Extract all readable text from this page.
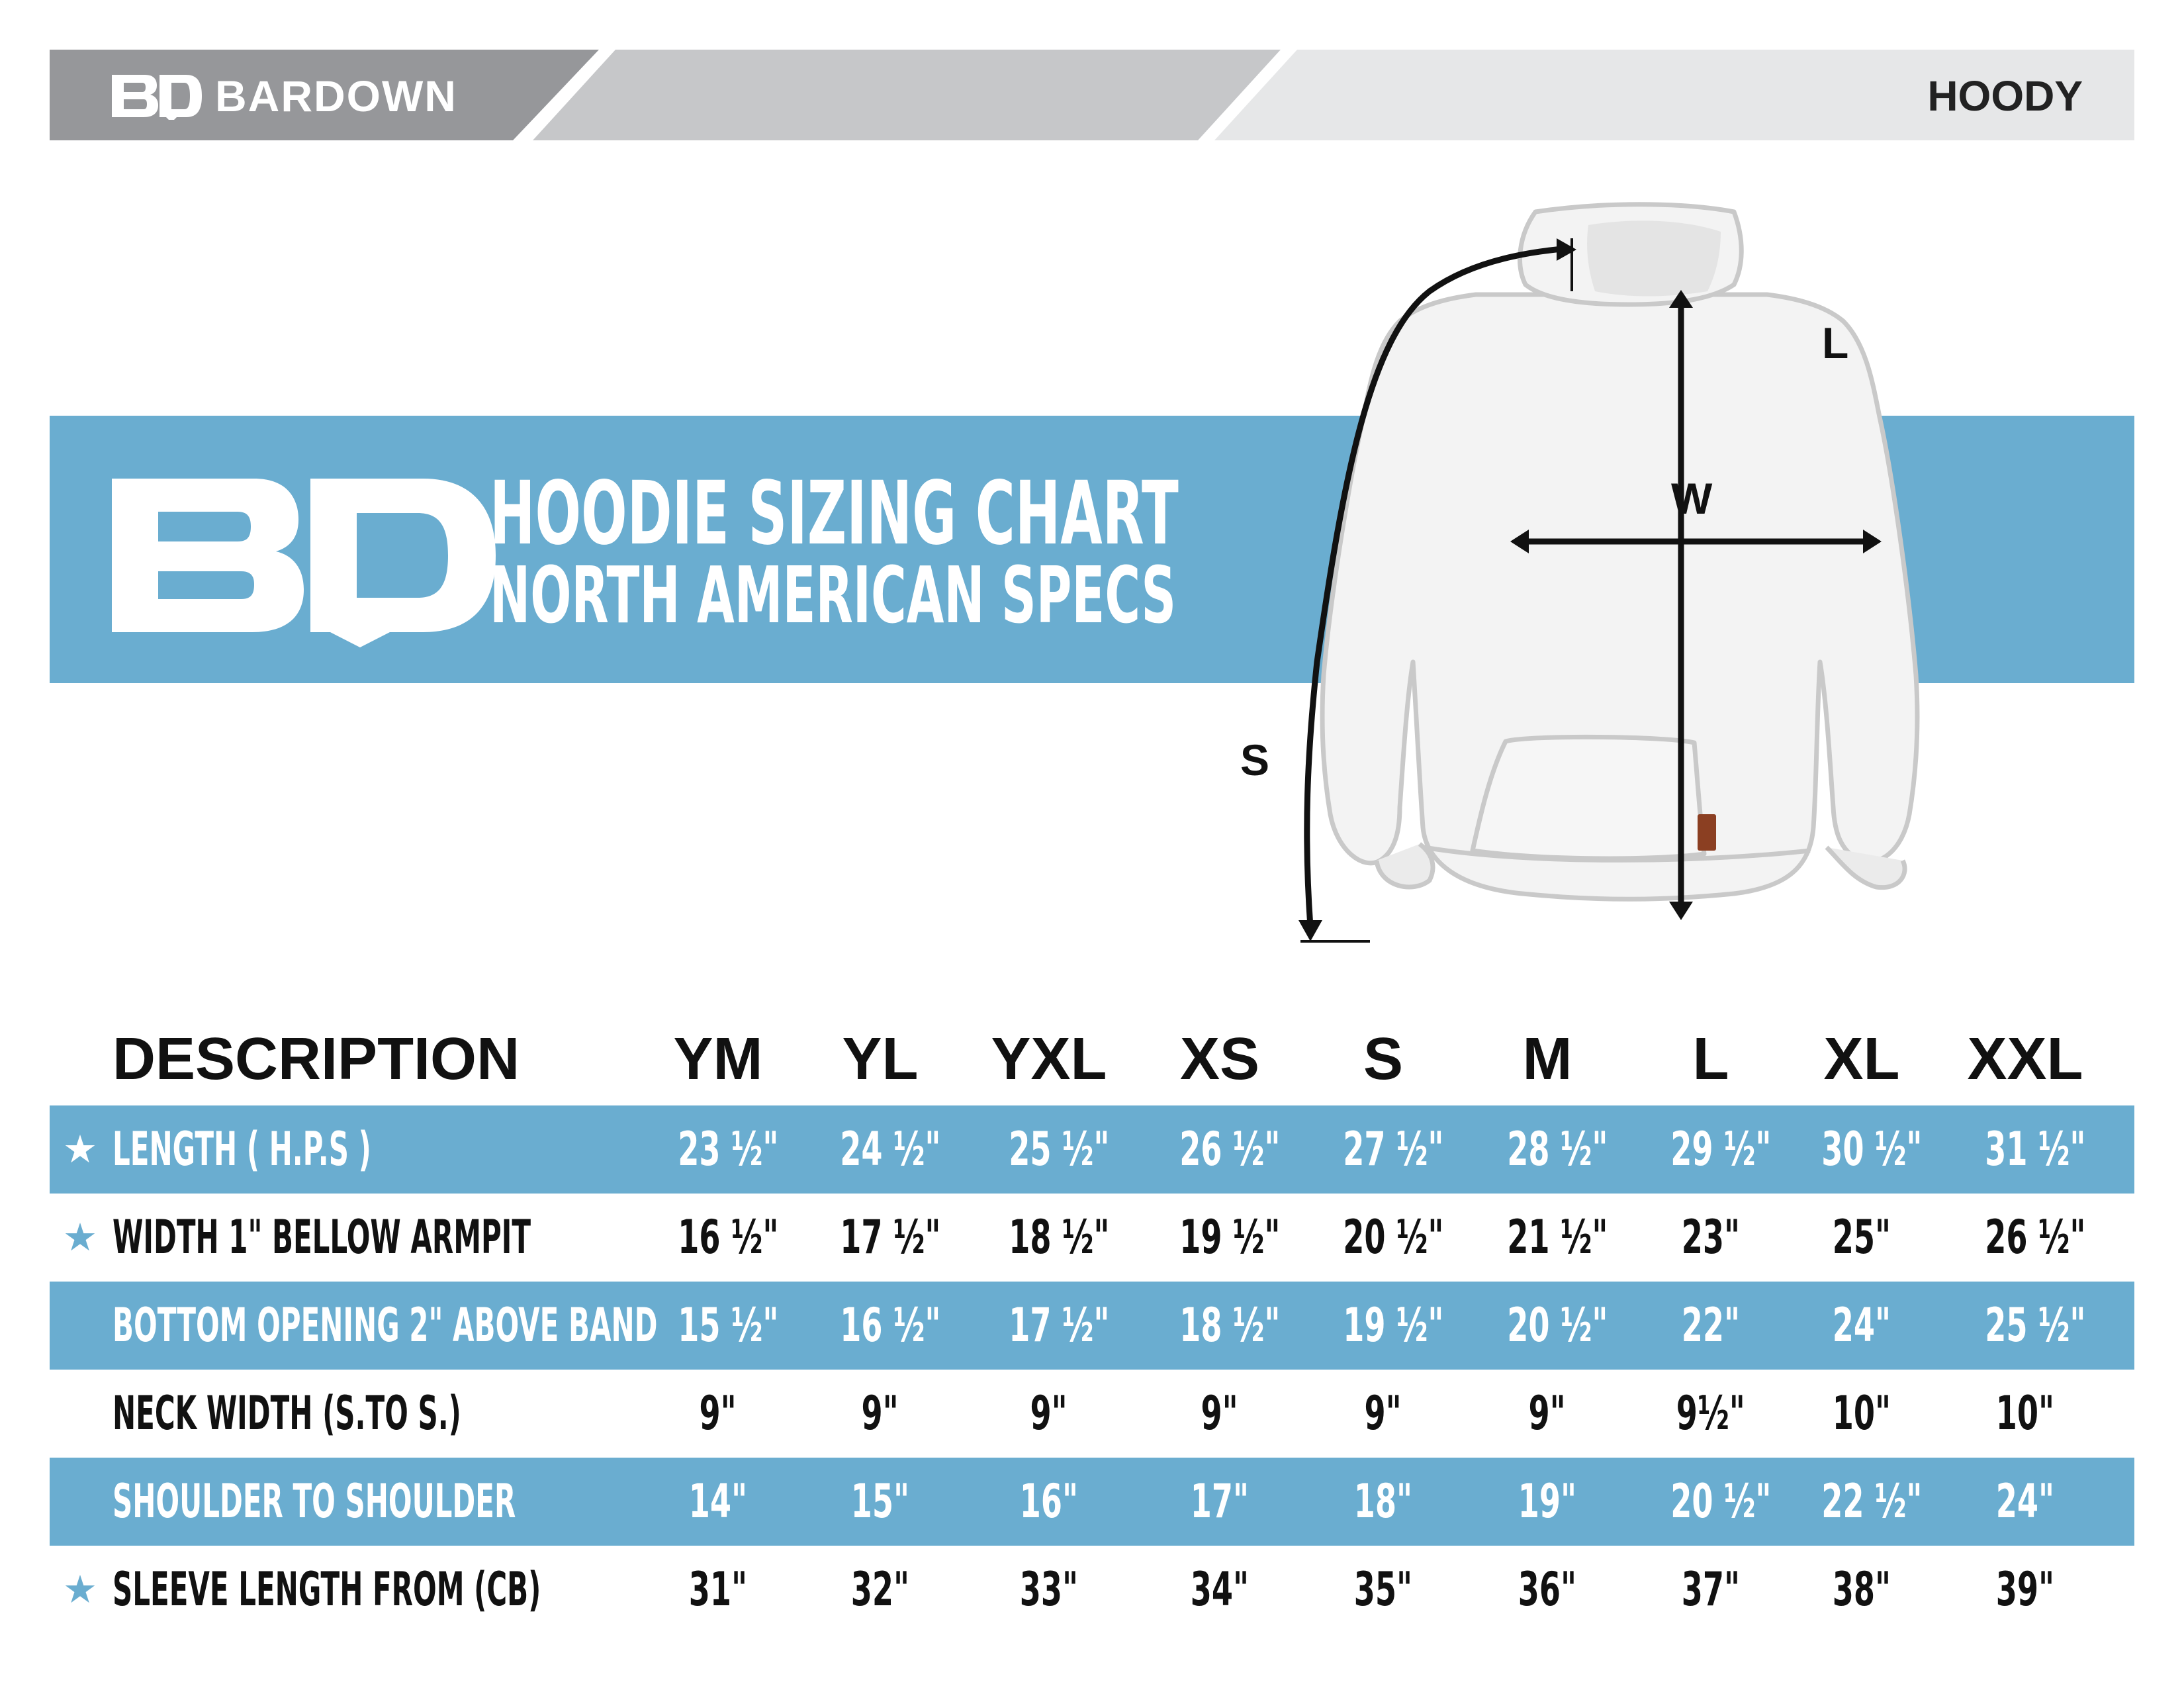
BARDOWN	HOODY
HOODIE SIZING CHART
NORTH AMERICAN SPECS
L
W
S
DESCRIPTION	YM	YL	YXL	XS	S	M	L	XL	XXL
★ LENGTH ( H.P.S )	23 ½"	24 ½"	25 ½"	26 ½"	27 ½"	28 ½"	29 ½"	30 ½"	31 ½"
★ WIDTH 1" BELLOW ARMPIT	16 ½"	17 ½"	18 ½"	19 ½"	20 ½"	21 ½"	23"	25"	26 ½"
BOTTOM OPENING 2" ABOVE BAND 15 ½"	16 ½"	17 ½"	18 ½"	19 ½"	20 ½"	22"	24"	25 ½"
NECK WIDTH (S.TO S.)	9"	9"	9"	9"	9"	9"	9½"	10"	10"
SHOULDER TO SHOULDER	14"	15"	16"	17"	18"	19"	20 ½"	22 ½"	24"
★ SLEEVE LENGTH FROM (CB)	31"	32"	33"	34"	35"	36"	37"	38"	39"
